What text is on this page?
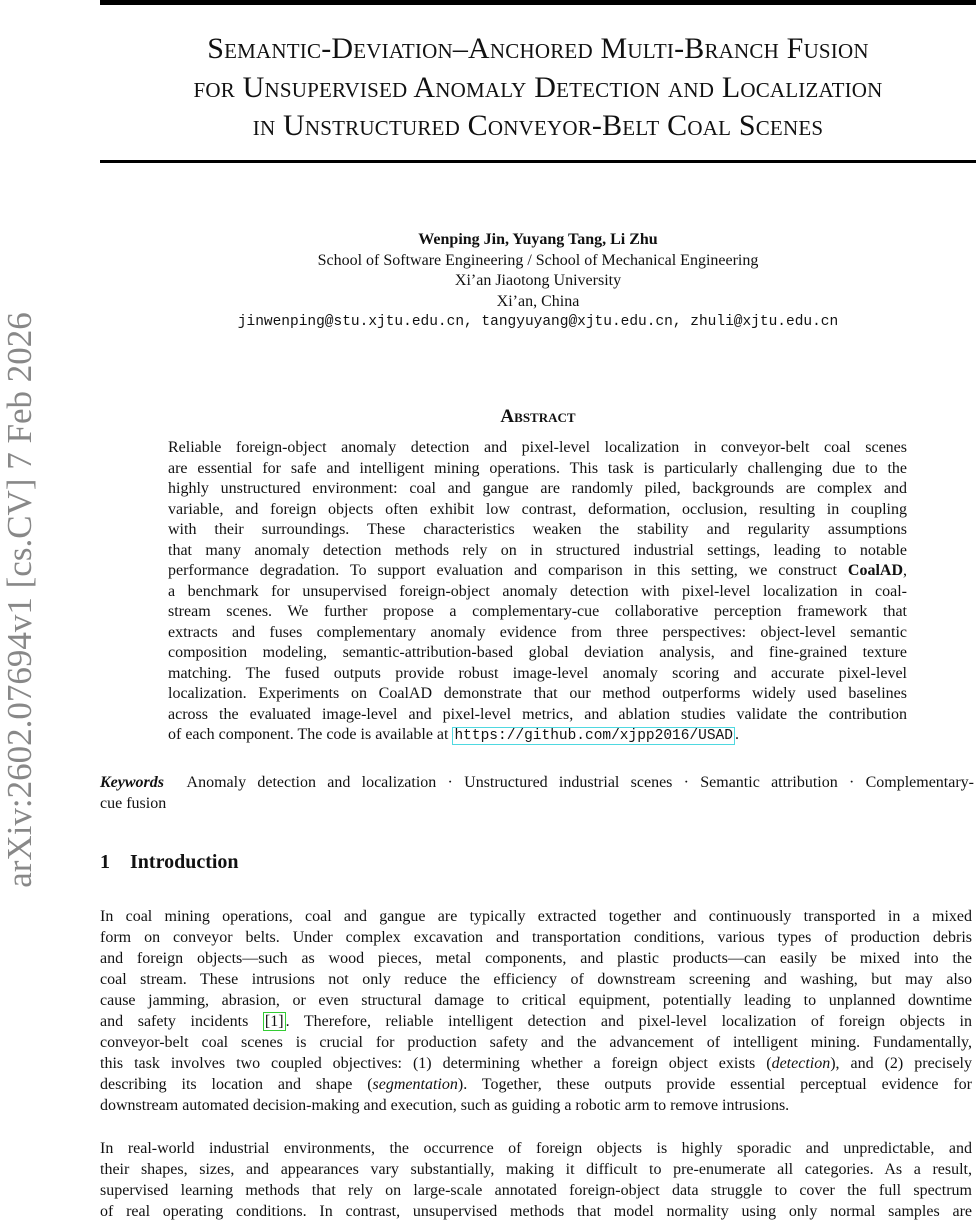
arXiv:2602.07694v1 [cs.CV] 7 Feb 2026
Semantic-Deviation–Anchored Multi-Branch Fusion
for Unsupervised Anomaly Detection and Localization
in Unstructured Conveyor-Belt Coal Scenes
Wenping Jin, Yuyang Tang, Li Zhu
School of Software Engineering / School of Mechanical Engineering
Xi’an Jiaotong University
Xi’an, China
jinwenping@stu.xjtu.edu.cn, tangyuyang@xjtu.edu.cn, zhuli@xjtu.edu.cn
Abstract
Reliable foreign-object anomaly detection and pixel-level localization in conveyor-belt coal scenes
are essential for safe and intelligent mining operations. This task is particularly challenging due to the
highly unstructured environment: coal and gangue are randomly piled, backgrounds are complex and
variable, and foreign objects often exhibit low contrast, deformation, occlusion, resulting in coupling
with their surroundings. These characteristics weaken the stability and regularity assumptions
that many anomaly detection methods rely on in structured industrial settings, leading to notable
performance degradation. To support evaluation and comparison in this setting, we construct CoalAD,
a benchmark for unsupervised foreign-object anomaly detection with pixel-level localization in coal-
stream scenes. We further propose a complementary-cue collaborative perception framework that
extracts and fuses complementary anomaly evidence from three perspectives: object-level semantic
composition modeling, semantic-attribution-based global deviation analysis, and fine-grained texture
matching. The fused outputs provide robust image-level anomaly scoring and accurate pixel-level
localization. Experiments on CoalAD demonstrate that our method outperforms widely used baselines
across the evaluated image-level and pixel-level metrics, and ablation studies validate the contribution
of each component. The code is available at https://github.com/xjpp2016/USAD .
Keywords Anomaly detection and localization · Unstructured industrial scenes · Semantic attribution · Complementary-
cue fusion
1 Introduction
In coal mining operations, coal and gangue are typically extracted together and continuously transported in a mixed
form on conveyor belts. Under complex excavation and transportation conditions, various types of production debris
and foreign objects—such as wood pieces, metal components, and plastic products—can easily be mixed into the
coal stream. These intrusions not only reduce the efficiency of downstream screening and washing, but may also
cause jamming, abrasion, or even structural damage to critical equipment, potentially leading to unplanned downtime
and safety incidents [1] . Therefore, reliable intelligent detection and pixel-level localization of foreign objects in
conveyor-belt coal scenes is crucial for production safety and the advancement of intelligent mining. Fundamentally,
this task involves two coupled objectives: (1) determining whether a foreign object exists (detection), and (2) precisely
describing its location and shape (segmentation). Together, these outputs provide essential perceptual evidence for
downstream automated decision-making and execution, such as guiding a robotic arm to remove intrusions.
In real-world industrial environments, the occurrence of foreign objects is highly sporadic and unpredictable, and
their shapes, sizes, and appearances vary substantially, making it difficult to pre-enumerate all categories. As a result,
supervised learning methods that rely on large-scale annotated foreign-object data struggle to cover the full spectrum
of real operating conditions. In contrast, unsupervised methods that model normality using only normal samples are
